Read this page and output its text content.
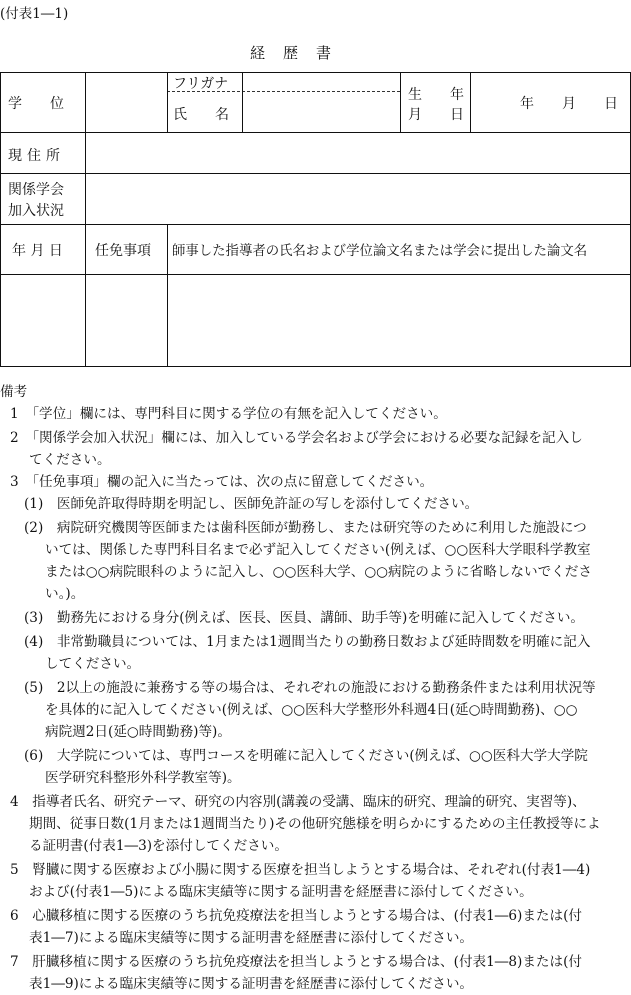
(付表1―1)
経歴書
学　　位
フリガナ
氏　　名
生　　年
月　　日
年　　月　　日
現住所
関係学会
加入状況
年 月 日 任免事項 師事した指導者の氏名および学位論文名または学会に提出した論文名
備考
1　「学位」欄には、専門科目に関する学位の有無を記入してください。
2　「関係学会加入状況」欄には、加入している学会名および学会における必要な記録を記入し
てください。
3　「任免事項」欄の記入に当たっては、次の点に留意してください。
(1)　医師免許取得時期を明記し、医師免許証の写しを添付してください。
(2)　病院研究機関等医師または歯科医師が勤務し、または研究等のために利用した施設につ
いては、関係した専門科目名まで必ず記入してください(例えば、○○医科大学眼科学教室
または○○病院眼科のように記入し、○○医科大学、○○病院のように省略しないでくださ
い。)。
(3)　勤務先における身分(例えば、医長、医員、講師、助手等)を明確に記入してください。
(4)　非常勤職員については、1月または1週間当たりの勤務日数および延時間数を明確に記入
してください。
(5)　2以上の施設に兼務する等の場合は、それぞれの施設における勤務条件または利用状況等
を具体的に記入してください(例えば、○○医科大学整形外科週4日(延○時間勤務)、○○
病院週2日(延○時間勤務)等)。
(6)　大学院については、専門コースを明確に記入してください(例えば、○○医科大学大学院
医学研究科整形外科学教室等)。
4　指導者氏名、研究テーマ、研究の内容別(講義の受講、臨床的研究、理論的研究、実習等)、
期間、従事日数(1月または1週間当たり)その他研究態様を明らかにするための主任教授等によ
る証明書(付表1―3)を添付してください。
5　腎臓に関する医療および小腸に関する医療を担当しようとする場合は、それぞれ(付表1―4)
および(付表1―5)による臨床実績等に関する証明書を経歴書に添付してください。
6　心臓移植に関する医療のうち抗免疫療法を担当しようとする場合は、(付表1―6)または(付
表1―7)による臨床実績等に関する証明書を経歴書に添付してください。
7　肝臓移植に関する医療のうち抗免疫療法を担当しようとする場合は、(付表1―8)または(付
表1―9)による臨床実績等に関する証明書を経歴書に添付してください。
